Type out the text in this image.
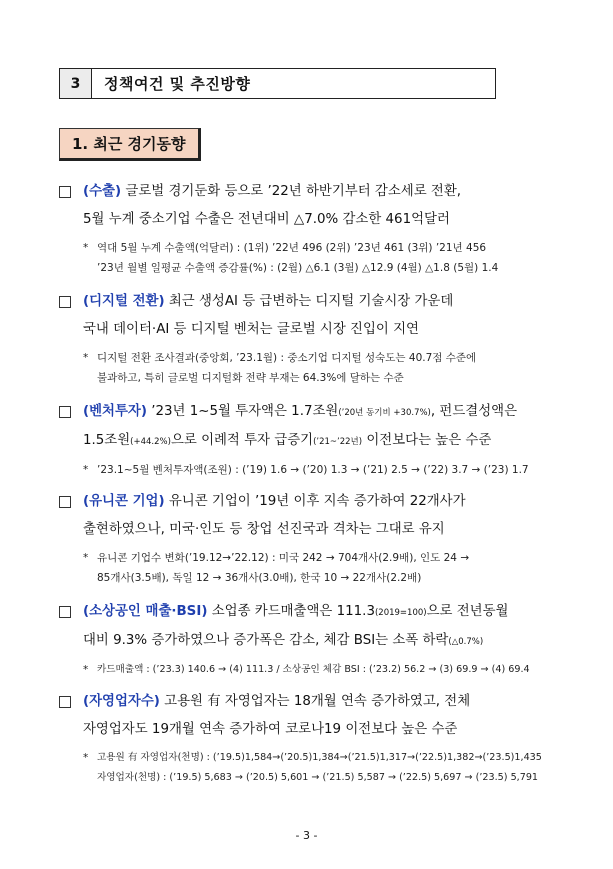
3	정책여건 및 추진방향
1. 최근 경기동향
(수출) 글로벌 경기둔화 등으로 ’22년 하반기부터 감소세로 전환,
5월 누계 중소기업 수출은 전년대비 △7.0% 감소한 461억달러
* 역대 5월 누계 수출액(억달러) : (1위) ’22년 496 (2위) ’23년 461 (3위) ’21년 456
’23년 월별 일평균 수출액 증감률(%) : (2월) △6.1 (3월) △12.9 (4월) △1.8 (5월) 1.4
(디지털 전환) 최근 생성AI 등 급변하는 디지털 기술시장 가운데
국내 데이터·AI 등 디지털 벤처는 글로벌 시장 진입이 지연
* 디지털 전환 조사결과(중앙회, ’23.1월) : 중소기업 디지털 성숙도는 40.7점 수준에
불과하고, 특히 글로벌 디지털화 전략 부재는 64.3%에 달하는 수준
(벤처투자) ’23년 1~5월 투자액은 1.7조원(’20년 동기비 +30.7%), 펀드결성액은
1.5조원(+44.2%)으로 이례적 투자 급증기(’21~’22년) 이전보다는 높은 수준
* ’23.1~5월 벤처투자액(조원) : (’19) 1.6 → (’20) 1.3 → (’21) 2.5 → (’22) 3.7 → (’23) 1.7
(유니콘 기업) 유니콘 기업이 ’19년 이후 지속 증가하여 22개사가
출현하였으나, 미국·인도 등 창업 선진국과 격차는 그대로 유지
* 유니콘 기업수 변화(’19.12→’22.12) : 미국 242 → 704개사(2.9배), 인도 24 →
85개사(3.5배), 독일 12 → 36개사(3.0배), 한국 10 → 22개사(2.2배)
(소상공인 매출·BSI) 소업종 카드매출액은 111.3(2019=100)으로 전년동월
대비 9.3% 증가하였으나 증가폭은 감소, 체감 BSI는 소폭 하락(△0.7%)
* 카드매출액 : (’23.3) 140.6 → (4) 111.3 / 소상공인 체감 BSI : (’23.2) 56.2 → (3) 69.9 → (4) 69.4
(자영업자수) 고용원 有 자영업자는 18개월 연속 증가하였고, 전체
자영업자도 19개월 연속 증가하여 코로나19 이전보다 높은 수준
* 고용원 有 자영업자(천명) : (’19.5)1,584→(’20.5)1,384→(’21.5)1,317→(’22.5)1,382→(’23.5)1,435
자영업자(천명) : (’19.5) 5,683 → (’20.5) 5,601 → (’21.5) 5,587 → (’22.5) 5,697 → (’23.5) 5,791
- 3 -
